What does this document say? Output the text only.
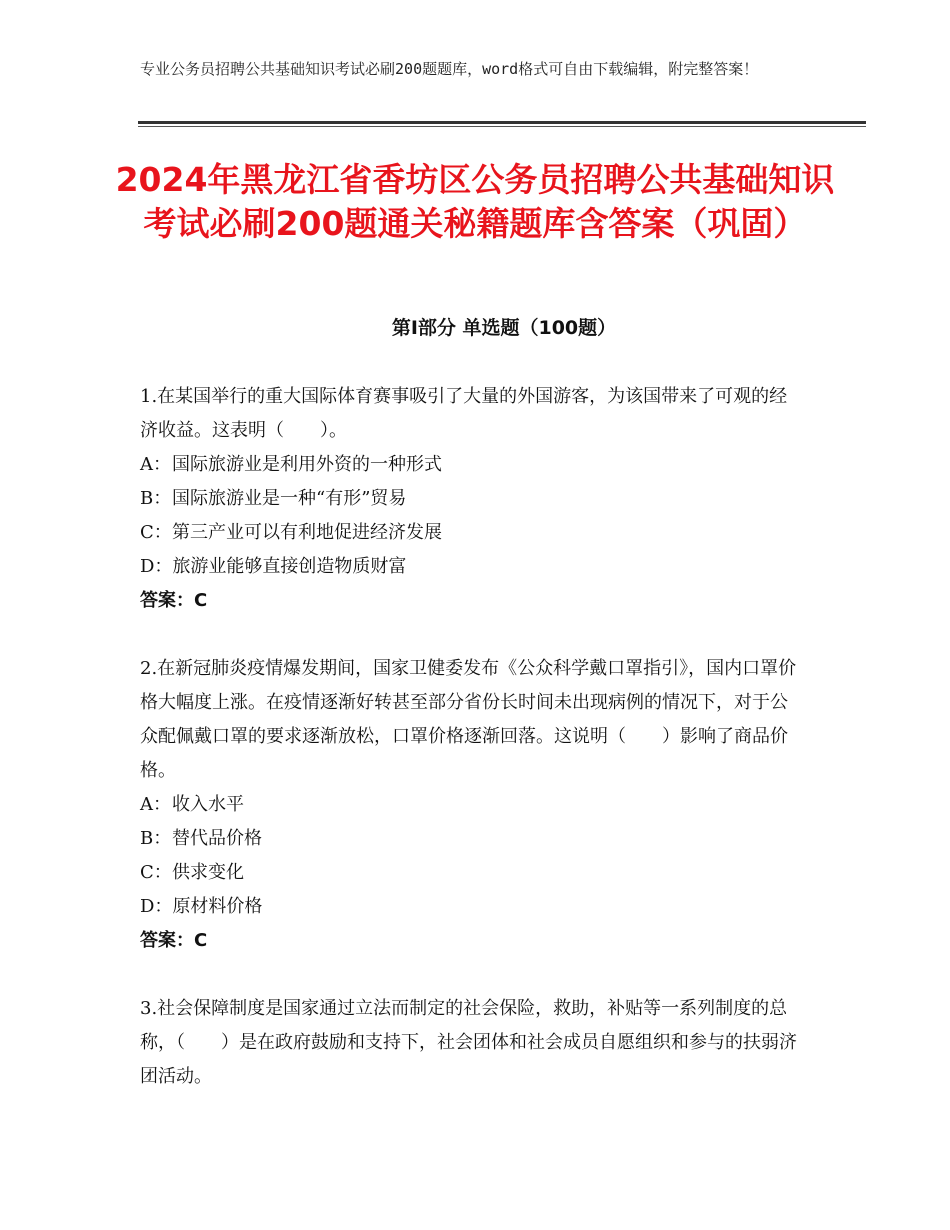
专业公务员招聘公共基础知识考试必刷200题题库，word格式可自由下载编辑，附完整答案！
2024年黑龙江省香坊区公务员招聘公共基础知识考试必刷200题通关秘籍题库含答案（巩固）
第Ⅰ部分 单选题（100题）

1.在某国举行的重大国际体育赛事吸引了大量的外国游客，为该国带来了可观的经济收益。这表明（　　）。

A：国际旅游业是利用外资的一种形式

B：国际旅游业是一种“有形”贸易

C：第三产业可以有利地促进经济发展

D：旅游业能够直接创造物质财富

答案：C

2.在新冠肺炎疫情爆发期间，国家卫健委发布《公众科学戴口罩指引》，国内口罩价格大幅度上涨。在疫情逐渐好转甚至部分省份长时间未出现病例的情况下，对于公众配佩戴口罩的要求逐渐放松，口罩价格逐渐回落。这说明（　　）影响了商品价格。

A：收入水平

B：替代品价格

C：供求变化

D：原材料价格

答案：C

3.社会保障制度是国家通过立法而制定的社会保险，救助，补贴等一系列制度的总称，（　　）是在政府鼓励和支持下，社会团体和社会成员自愿组织和参与的扶弱济团活动。
